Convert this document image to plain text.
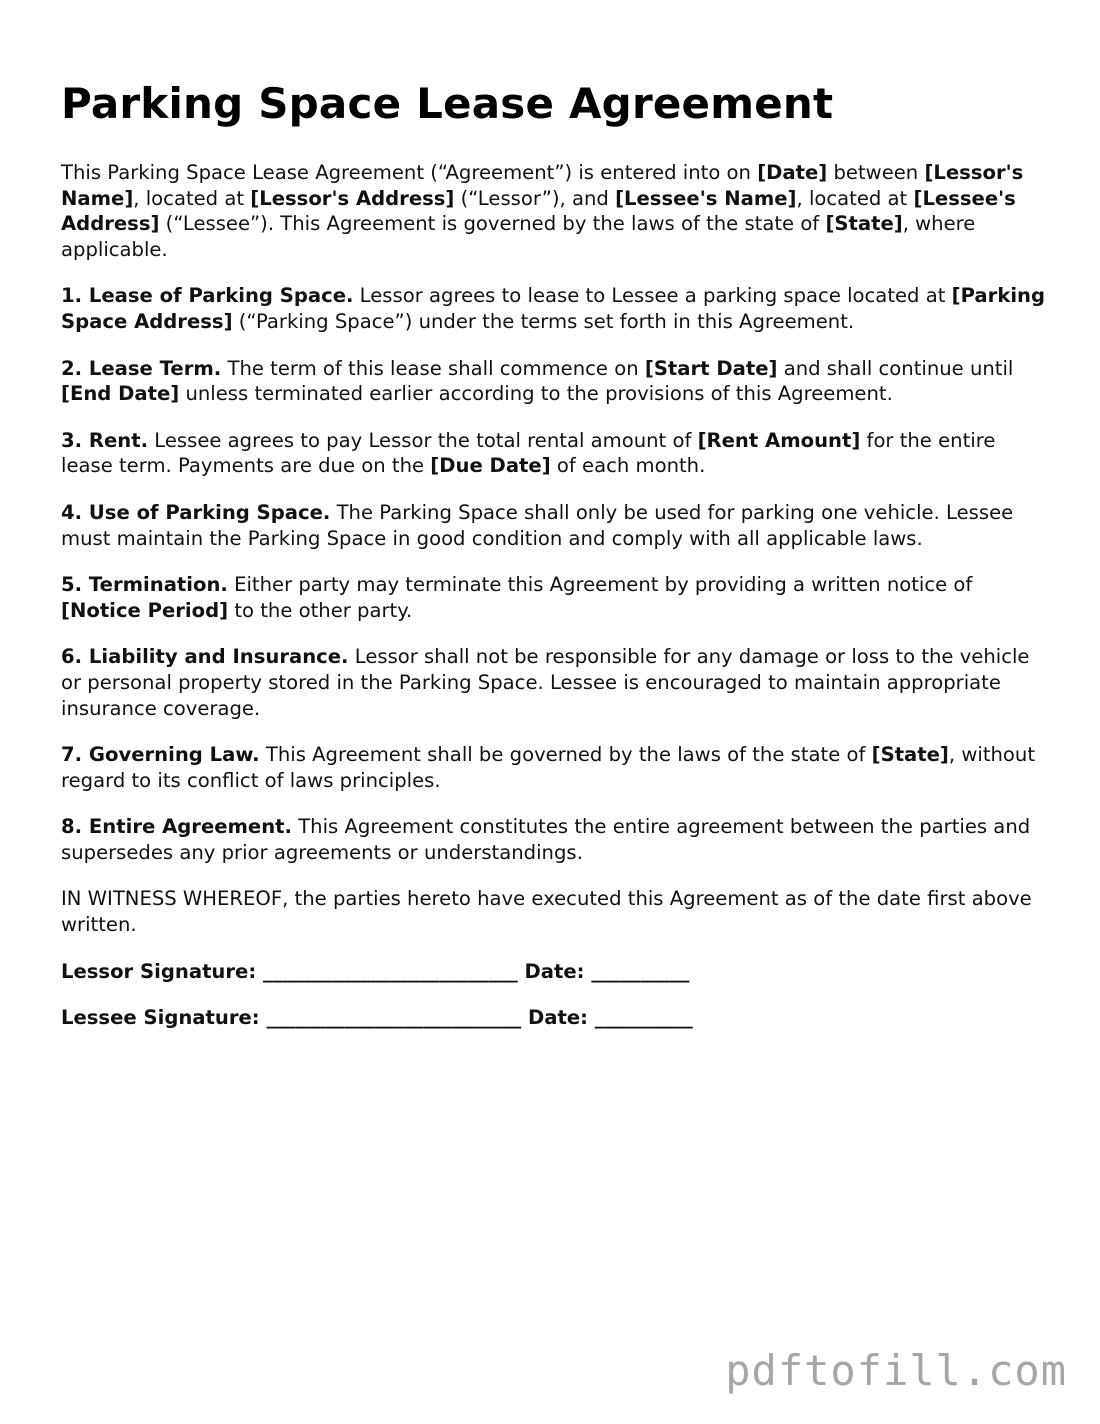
Parking Space Lease Agreement

This Parking Space Lease Agreement (“Agreement”) is entered into on [Date] between [Lessor's Name], located at [Lessor's Address] (“Lessor”), and [Lessee's Name], located at [Lessee's Address] (“Lessee”). This Agreement is governed by the laws of the state of [State], where applicable.

1. Lease of Parking Space. Lessor agrees to lease to Lessee a parking space located at [Parking Space Address] (“Parking Space”) under the terms set forth in this Agreement.

2. Lease Term. The term of this lease shall commence on [Start Date] and shall continue until [End Date] unless terminated earlier according to the provisions of this Agreement.

3. Rent. Lessee agrees to pay Lessor the total rental amount of [Rent Amount] for the entire lease term. Payments are due on the [Due Date] of each month.

4. Use of Parking Space. The Parking Space shall only be used for parking one vehicle. Lessee must maintain the Parking Space in good condition and comply with all applicable laws.

5. Termination. Either party may terminate this Agreement by providing a written notice of [Notice Period] to the other party.

6. Liability and Insurance. Lessor shall not be responsible for any damage or loss to the vehicle or personal property stored in the Parking Space. Lessee is encouraged to maintain appropriate insurance coverage.

7. Governing Law. This Agreement shall be governed by the laws of the state of [State], without regard to its conflict of laws principles.

8. Entire Agreement. This Agreement constitutes the entire agreement between the parties and supersedes any prior agreements or understandings.

IN WITNESS WHEREOF, the parties hereto have executed this Agreement as of the date first above written.

Lessor Signature: __________________________ Date: __________
Lessee Signature: __________________________ Date: __________
pdftofill.com
